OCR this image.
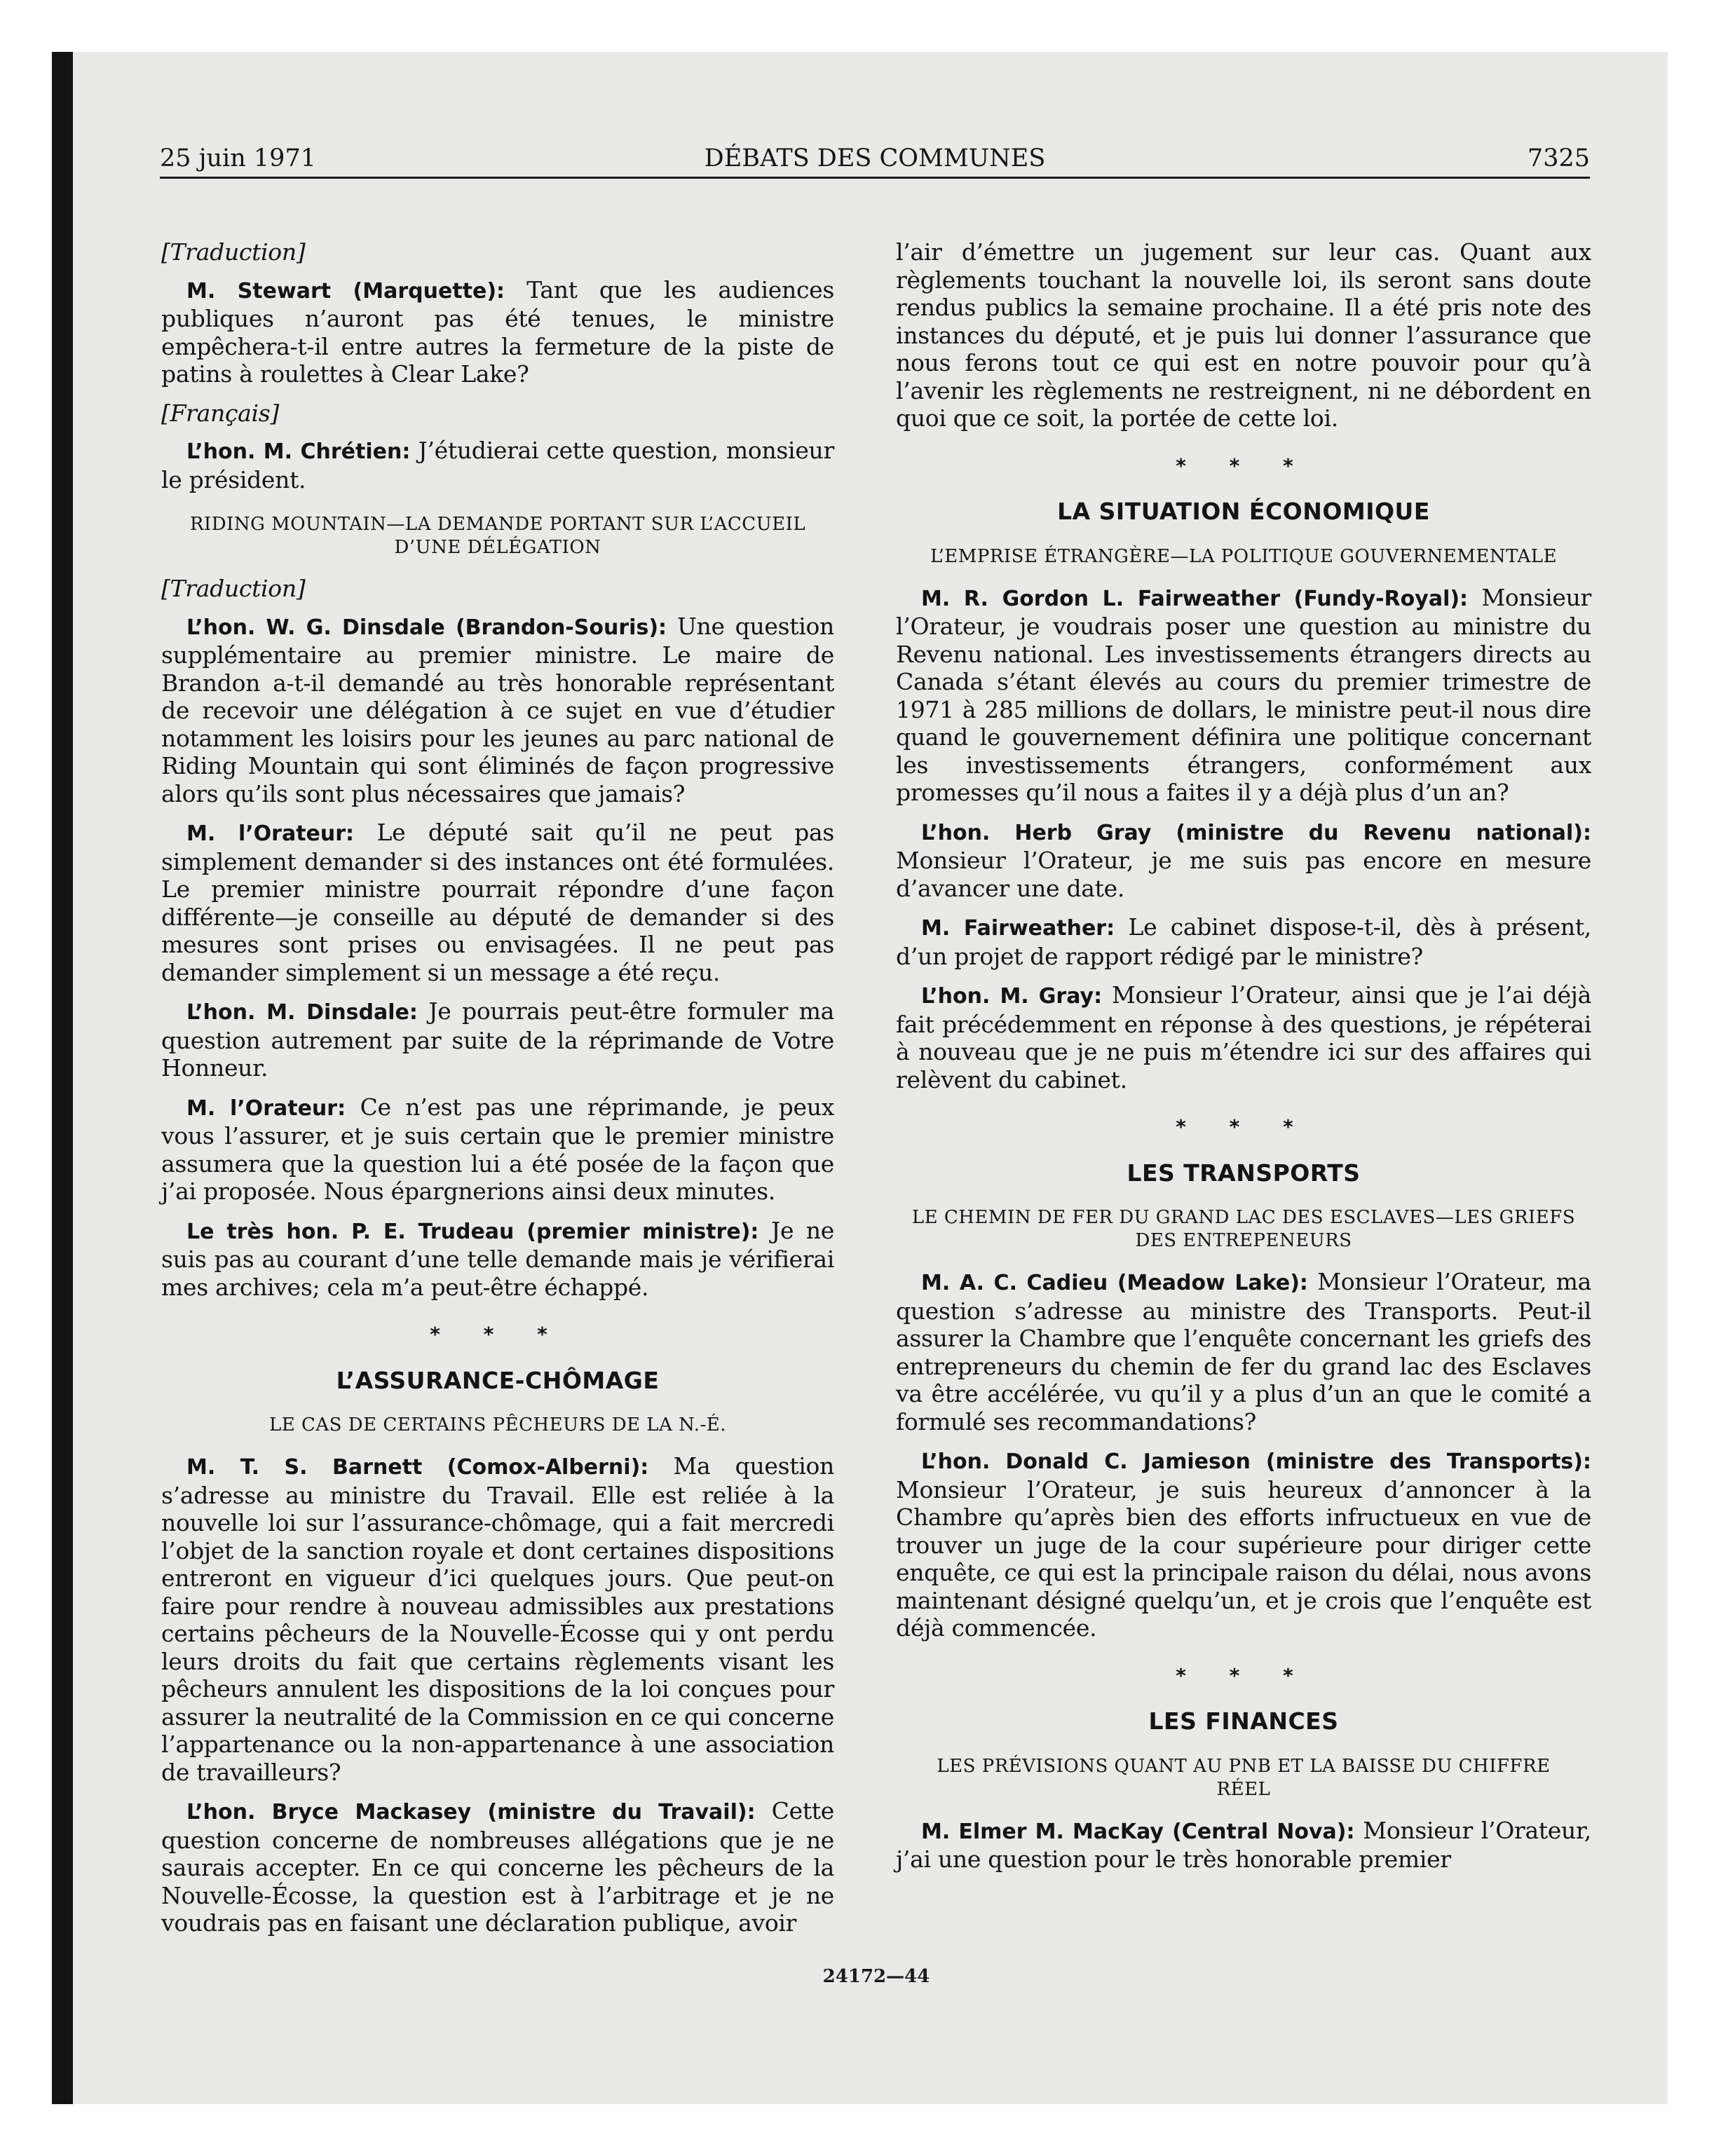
DÉBATS DES COMMUNES
25 juin 1971	7325
[Traduction]
M. Stewart (Marquette): Tant que les audiences publiques n’auront pas été tenues, le ministre empêchera-t-il entre autres la fermeture de la piste de patins à roulettes à Clear Lake?
[Français]
L’hon. M. Chrétien: J’étudierai cette question, monsieur le président.
RIDING MOUNTAIN—LA DEMANDE PORTANT SUR L’ACCUEIL D’UNE DÉLÉGATION
[Traduction]
L’hon. W. G. Dinsdale (Brandon-Souris): Une question supplémentaire au premier ministre. Le maire de Brandon a-t-il demandé au très honorable représentant de recevoir une délégation à ce sujet en vue d’étudier notamment les loisirs pour les jeunes au parc national de Riding Mountain qui sont éliminés de façon progressive alors qu’ils sont plus nécessaires que jamais?
M. l’Orateur: Le député sait qu’il ne peut pas simplement demander si des instances ont été formulées. Le premier ministre pourrait répondre d’une façon différente—je conseille au député de demander si des mesures sont prises ou envisagées. Il ne peut pas demander simplement si un message a été reçu.
L’hon. M. Dinsdale: Je pourrais peut-être formuler ma question autrement par suite de la réprimande de Votre Honneur.
M. l’Orateur: Ce n’est pas une réprimande, je peux vous l’assurer, et je suis certain que le premier ministre assumera que la question lui a été posée de la façon que j’ai proposée. Nous épargnerions ainsi deux minutes.
Le très hon. P. E. Trudeau (premier ministre): Je ne suis pas au courant d’une telle demande mais je vérifierai mes archives; cela m’a peut-être échappé.
* * *
L’ASSURANCE-CHÔMAGE
LE CAS DE CERTAINS PÊCHEURS DE LA N.-É.
M. T. S. Barnett (Comox-Alberni): Ma question s’adresse au ministre du Travail. Elle est reliée à la nouvelle loi sur l’assurance-chômage, qui a fait mercredi l’objet de la sanction royale et dont certaines dispositions entreront en vigueur d’ici quelques jours. Que peut-on faire pour rendre à nouveau admissibles aux prestations certains pêcheurs de la Nouvelle-Écosse qui y ont perdu leurs droits du fait que certains règlements visant les pêcheurs annulent les dispositions de la loi conçues pour assurer la neutralité de la Commission en ce qui concerne l’appartenance ou la non-appartenance à une association de travailleurs?
L’hon. Bryce Mackasey (ministre du Travail): Cette question concerne de nombreuses allégations que je ne saurais accepter. En ce qui concerne les pêcheurs de la Nouvelle-Écosse, la question est à l’arbitrage et je ne voudrais pas en faisant une déclaration publique, avoir
l’air d’émettre un jugement sur leur cas. Quant aux règlements touchant la nouvelle loi, ils seront sans doute rendus publics la semaine prochaine. Il a été pris note des instances du député, et je puis lui donner l’assurance que nous ferons tout ce qui est en notre pouvoir pour qu’à l’avenir les règlements ne restreignent, ni ne débordent en quoi que ce soit, la portée de cette loi.
* * *
LA SITUATION ÉCONOMIQUE
L’EMPRISE ÉTRANGÈRE—LA POLITIQUE GOUVERNEMENTALE
M. R. Gordon L. Fairweather (Fundy-Royal): Monsieur l’Orateur, je voudrais poser une question au ministre du Revenu national. Les investissements étrangers directs au Canada s’étant élevés au cours du premier trimestre de 1971 à 285 millions de dollars, le ministre peut-il nous dire quand le gouvernement définira une politique concernant les investissements étrangers, conformément aux promesses qu’il nous a faites il y a déjà plus d’un an?
L’hon. Herb Gray (ministre du Revenu national): Monsieur l’Orateur, je me suis pas encore en mesure d’avancer une date.
M. Fairweather: Le cabinet dispose-t-il, dès à présent, d’un projet de rapport rédigé par le ministre?
L’hon. M. Gray: Monsieur l’Orateur, ainsi que je l’ai déjà fait précédemment en réponse à des questions, je répéterai à nouveau que je ne puis m’étendre ici sur des affaires qui relèvent du cabinet.
* * *
LES TRANSPORTS
LE CHEMIN DE FER DU GRAND LAC DES ESCLAVES—LES GRIEFS DES ENTREPENEURS
M. A. C. Cadieu (Meadow Lake): Monsieur l’Orateur, ma question s’adresse au ministre des Transports. Peut-il assurer la Chambre que l’enquête concernant les griefs des entrepreneurs du chemin de fer du grand lac des Esclaves va être accélérée, vu qu’il y a plus d’un an que le comité a formulé ses recommandations?
L’hon. Donald C. Jamieson (ministre des Transports): Monsieur l’Orateur, je suis heureux d’annoncer à la Chambre qu’après bien des efforts infructueux en vue de trouver un juge de la cour supérieure pour diriger cette enquête, ce qui est la principale raison du délai, nous avons maintenant désigné quelqu’un, et je crois que l’enquête est déjà commencée.
* * *
LES FINANCES
LES PRÉVISIONS QUANT AU PNB ET LA BAISSE DU CHIFFRE RÉEL
M. Elmer M. MacKay (Central Nova): Monsieur l’Orateur, j’ai une question pour le très honorable premier
24172—44
